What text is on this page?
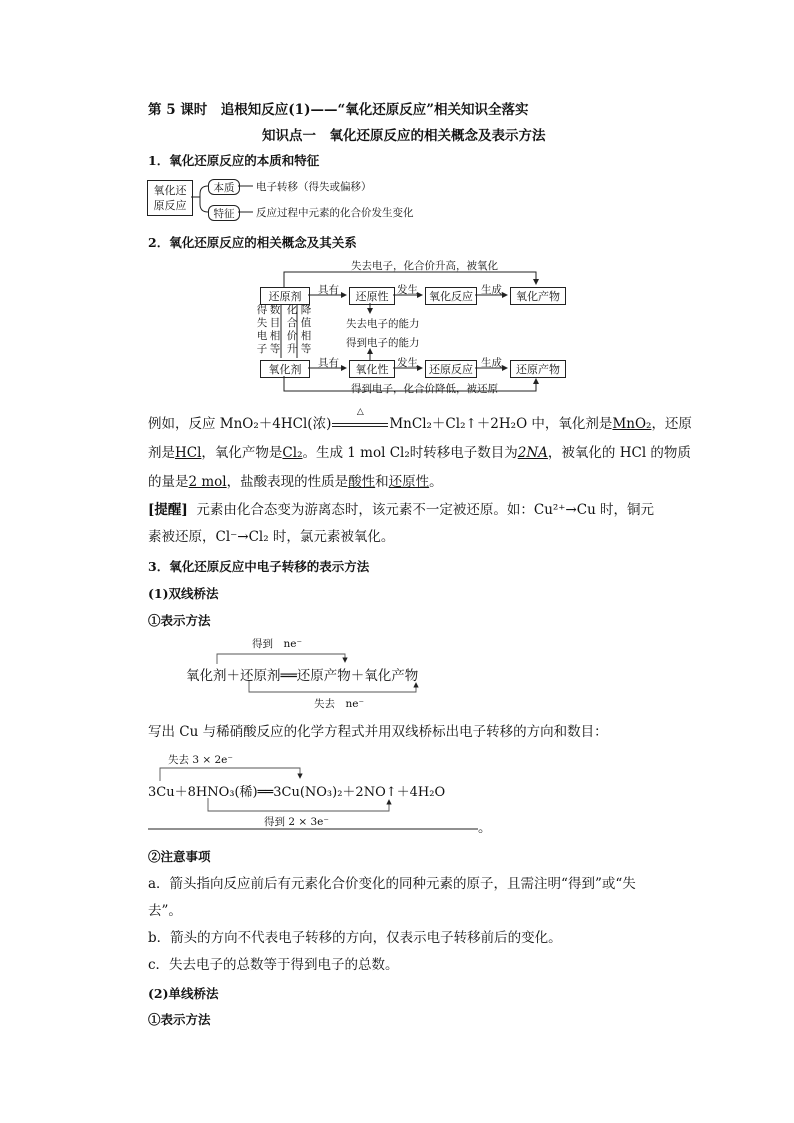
第 5 课时　追根知反应(1)——“氧化还原反应”相关知识全落实
知识点一　氧化还原反应的相关概念及表示方法
1．氧化还原反应的本质和特征
氧化还
原反应
本质	电子转移（得失或偏移）
特征	反应过程中元素的化合价发生变化
2．氧化还原反应的相关概念及其关系
失去电子，化合价升高，被氧化
还原剂	具有	还原性 发生	氧化反应 生成	氧化产物
失去电子的能力
得到电子的能力
得失电子
数目相等
化合价升
降值相等
氧化剂	具有	氧化性 发生	还原反应 生成	还原产物
得到电子，化合价降低，被还原
例如，反应 MnO₂＋4HCl(浓)
△
MnCl₂＋Cl₂↑＋2H₂O 中，氧化剂是MnO₂，还原
剂是HCl，氧化产物是Cl₂。生成 1 mol Cl₂时转移电子数目为2NA，被氧化的 HCl 的物质
的量是2 mol，盐酸表现的性质是酸性和还原性。
[提醒] 元素由化合态变为游离态时，该元素不一定被还原。如：Cu²⁺→Cu 时，铜元
素被还原，Cl⁻→Cl₂ 时，氯元素被氧化。
3．氧化还原反应中电子转移的表示方法
(1)双线桥法
①表示方法
得到　ne⁻
氧化剂＋还原剂══还原产物＋氧化产物
失去　ne⁻
写出 Cu 与稀硝酸反应的化学方程式并用双线桥标出电子转移的方向和数目：
失去 3 × 2e⁻
3Cu＋8HNO₃(稀)══3Cu(NO₃)₂＋2NO↑＋4H₂O
得到 2 × 3e⁻	。
②注意事项
a．箭头指向反应前后有元素化合价变化的同种元素的原子，且需注明“得到”或“失
去”。
b．箭头的方向不代表电子转移的方向，仅表示电子转移前后的变化。
c．失去电子的总数等于得到电子的总数。
(2)单线桥法
①表示方法
